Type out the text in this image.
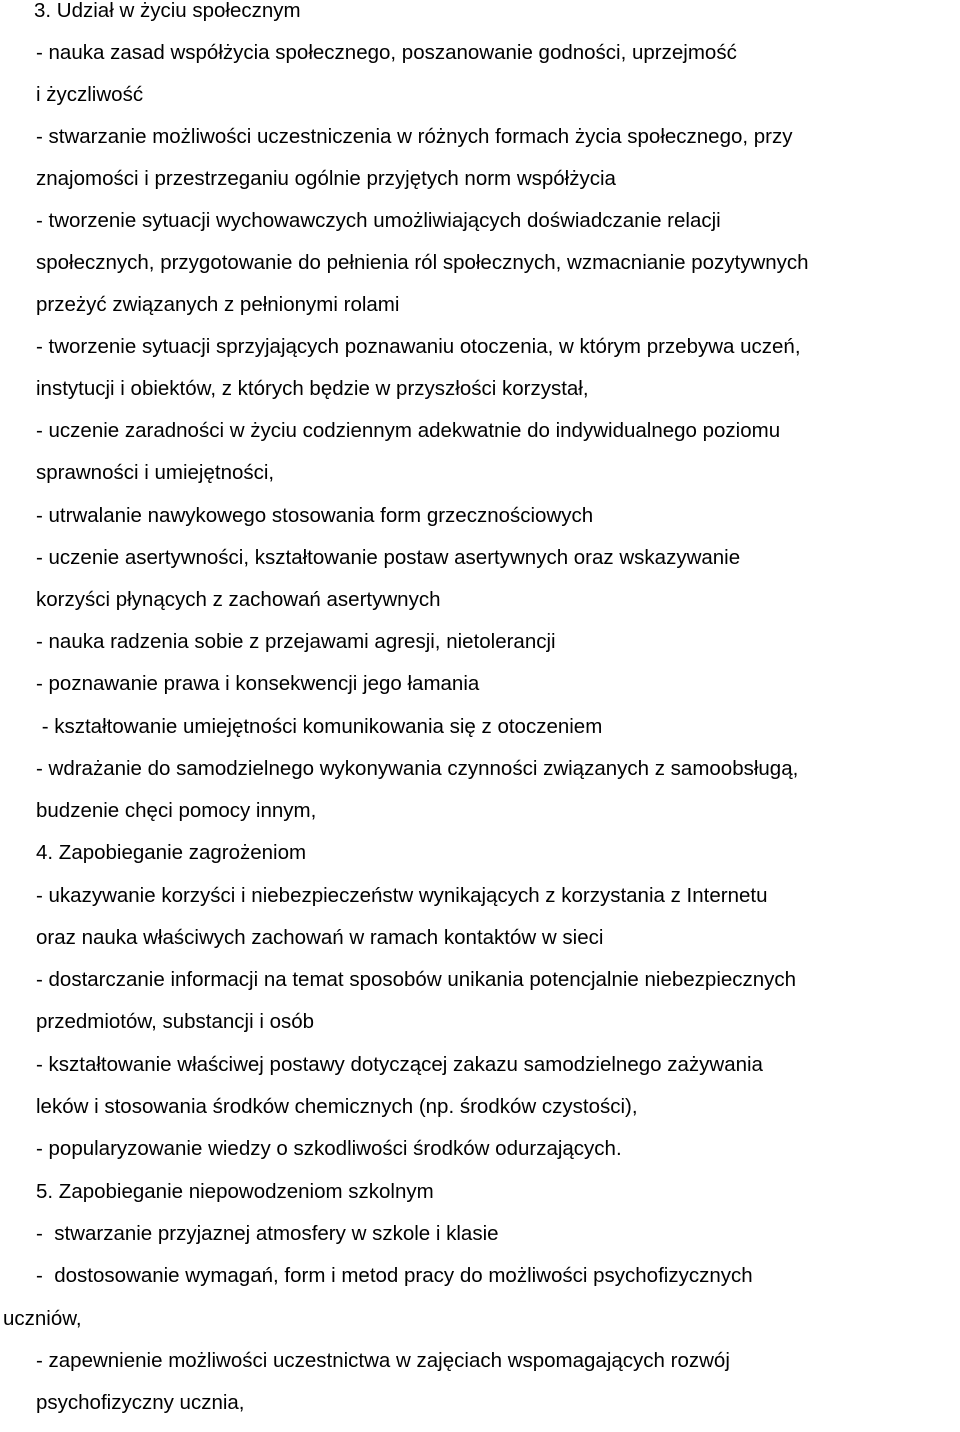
3. Udział w życiu społecznym
- nauka zasad współżycia społecznego, poszanowanie godności, uprzejmość
i życzliwość
- stwarzanie możliwości uczestniczenia w różnych formach życia społecznego, przy
znajomości i przestrzeganiu ogólnie przyjętych norm współżycia
- tworzenie sytuacji wychowawczych umożliwiających doświadczanie relacji
społecznych, przygotowanie do pełnienia ról społecznych, wzmacnianie pozytywnych
przeżyć związanych z pełnionymi rolami
- tworzenie sytuacji sprzyjających poznawaniu otoczenia, w którym przebywa uczeń,
instytucji i obiektów, z których będzie w przyszłości korzystał,
- uczenie zaradności w życiu codziennym adekwatnie do indywidualnego poziomu
sprawności i umiejętności,
- utrwalanie nawykowego stosowania form grzecznościowych
- uczenie asertywności, kształtowanie postaw asertywnych oraz wskazywanie
korzyści płynących z zachowań asertywnych
- nauka radzenia sobie z przejawami agresji, nietolerancji
- poznawanie prawa i konsekwencji jego łamania
- kształtowanie umiejętności komunikowania się z otoczeniem
- wdrażanie do samodzielnego wykonywania czynności związanych z samoobsługą,
budzenie chęci pomocy innym,
4. Zapobieganie zagrożeniom
- ukazywanie korzyści i niebezpieczeństw wynikających z korzystania z Internetu
oraz nauka właściwych zachowań w ramach kontaktów w sieci
- dostarczanie informacji na temat sposobów unikania potencjalnie niebezpiecznych
przedmiotów, substancji i osób
- kształtowanie właściwej postawy dotyczącej zakazu samodzielnego zażywania
leków i stosowania środków chemicznych (np. środków czystości),
- popularyzowanie wiedzy o szkodliwości środków odurzających.
5. Zapobieganie niepowodzeniom szkolnym
-  stwarzanie przyjaznej atmosfery w szkole i klasie
-  dostosowanie wymagań, form i metod pracy do możliwości psychofizycznych
uczniów,
- zapewnienie możliwości uczestnictwa w zajęciach wspomagających rozwój
psychofizyczny ucznia,
